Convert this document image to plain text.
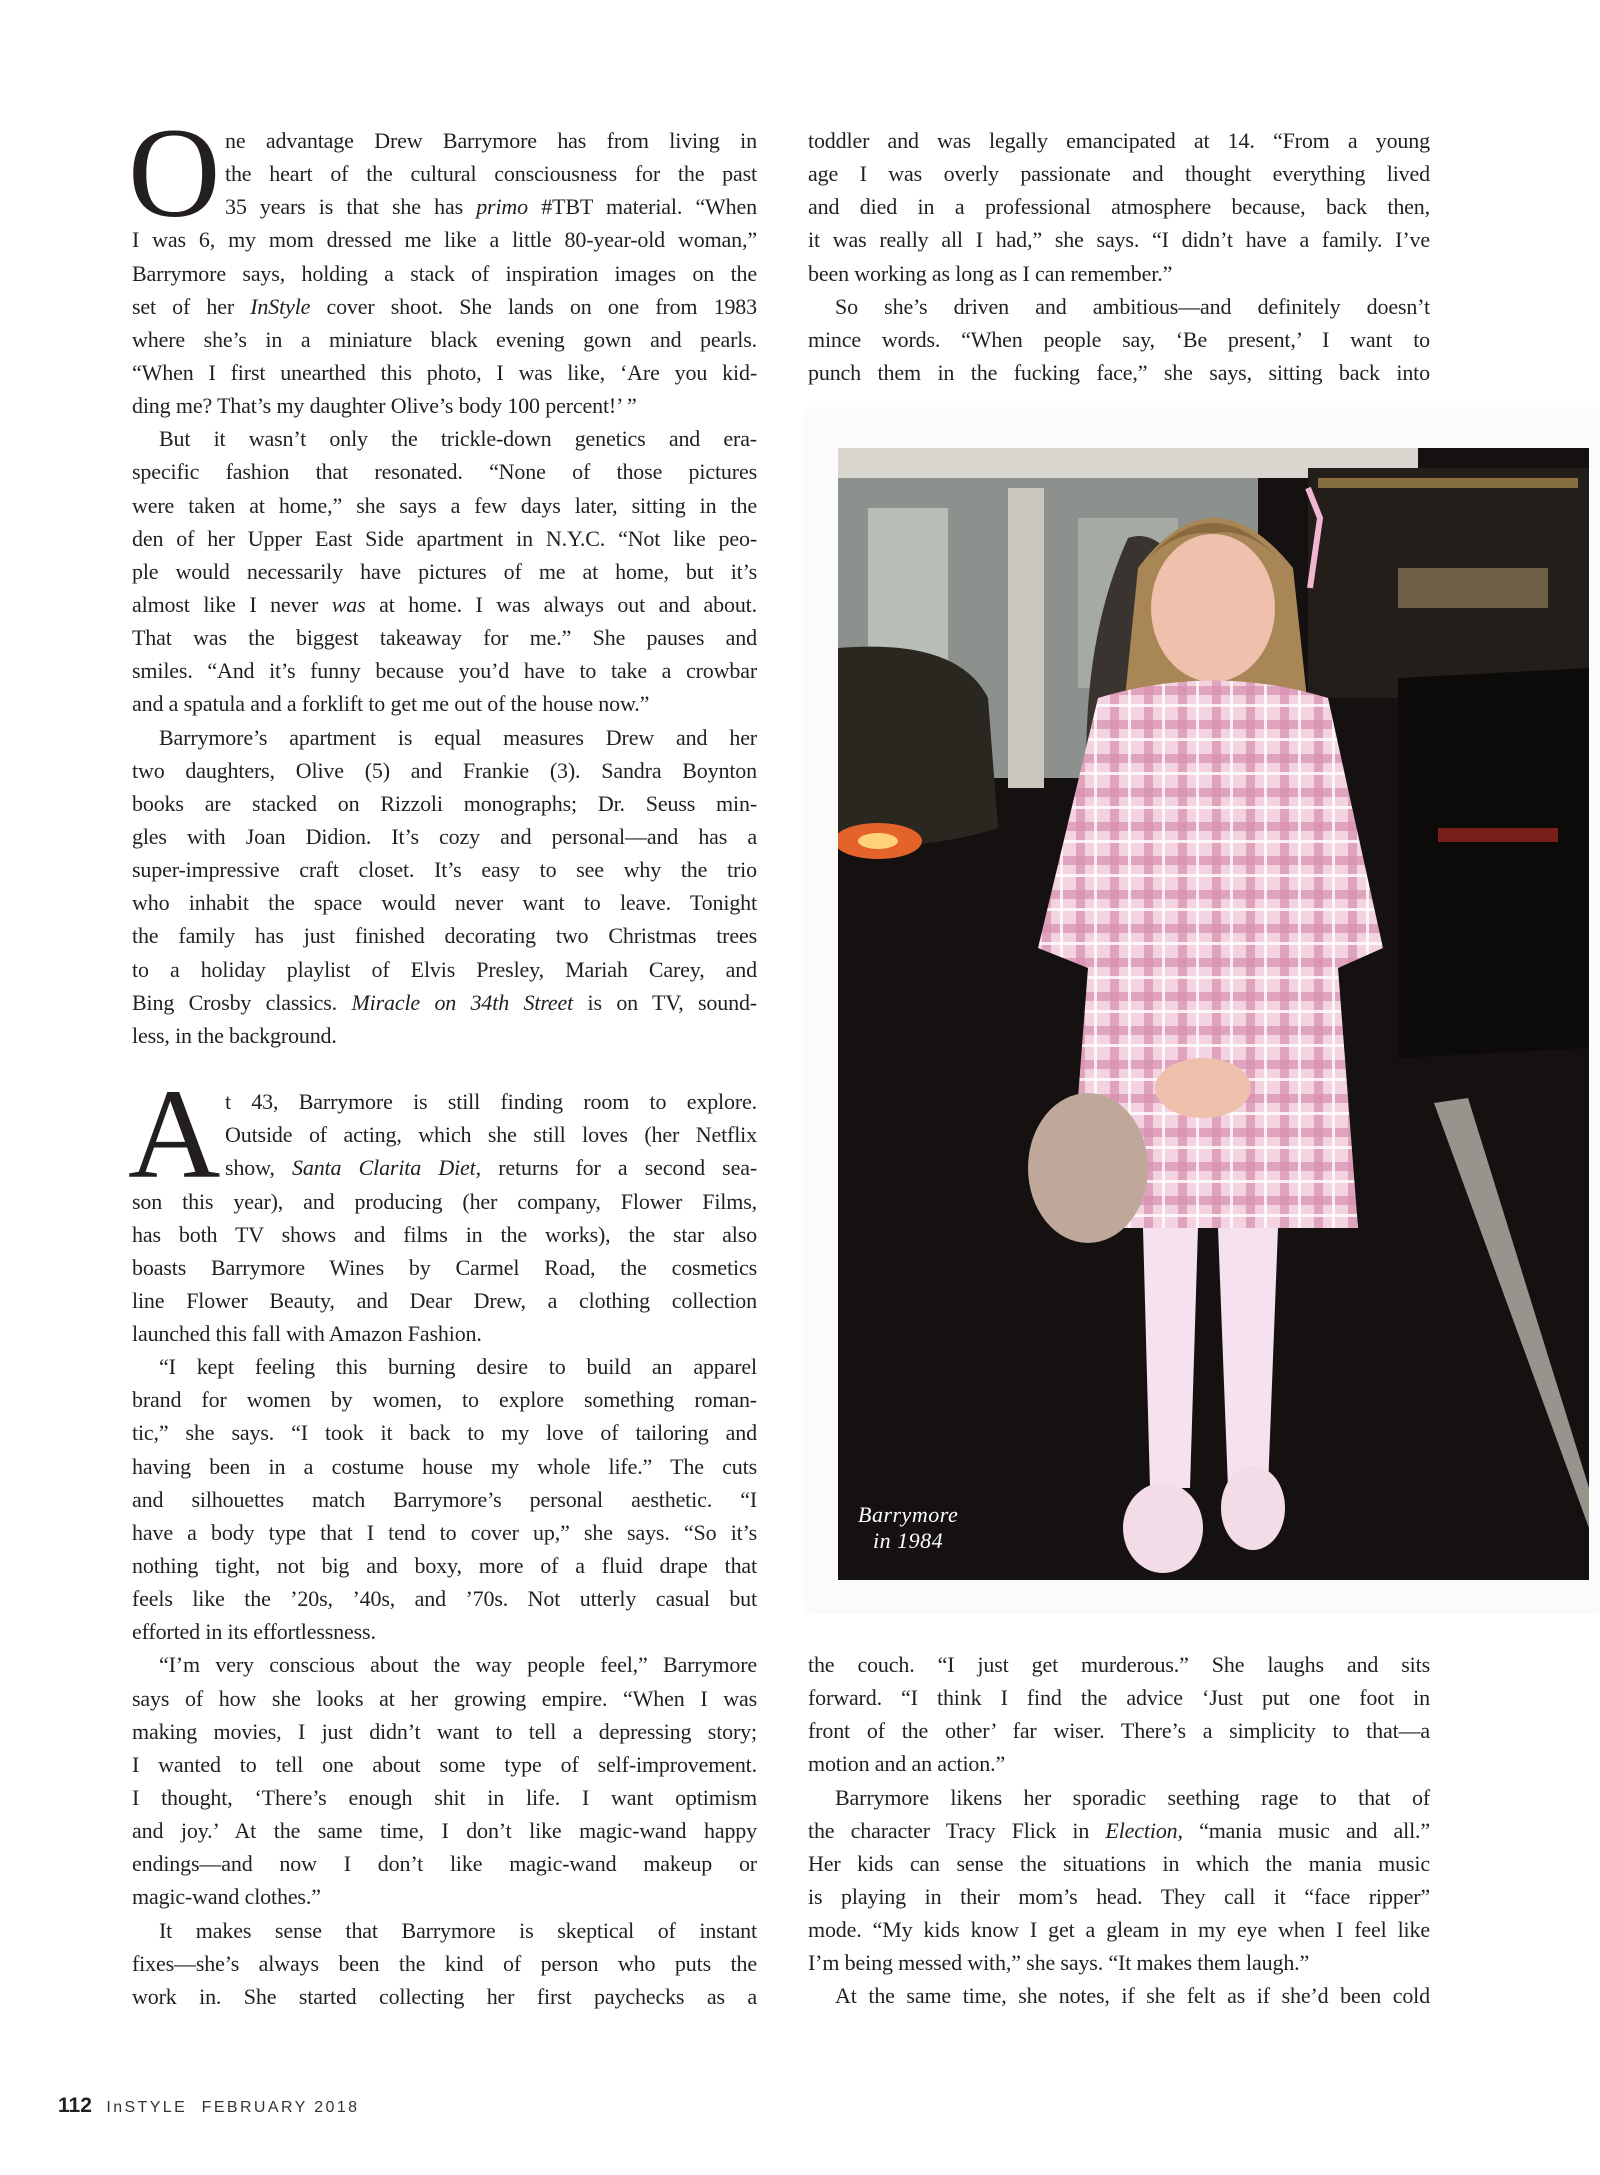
O ne advantage Drew Barrymore has from living in
the heart of the cultural consciousness for the past
35 years is that she has primo #TBT material. “When
I was 6, my mom dressed me like a little 80-year-old woman,”
Barrymore says, holding a stack of inspiration images on the
set of her InStyle cover shoot. She lands on one from 1983
where she’s in a miniature black evening gown and pearls.
“When I first unearthed this photo, I was like, ‘Are you kid-
ding me? That’s my daughter Olive’s body 100 percent!’ ”
But it wasn’t only the trickle-down genetics and era-
specific fashion that resonated. “None of those pictures
were taken at home,” she says a few days later, sitting in the
den of her Upper East Side apartment in N.Y.C. “Not like peo-
ple would necessarily have pictures of me at home, but it’s
almost like I never was at home. I was always out and about.
That was the biggest takeaway for me.” She pauses and
smiles. “And it’s funny because you’d have to take a crowbar
and a spatula and a forklift to get me out of the house now.”
Barrymore’s apartment is equal measures Drew and her
two daughters, Olive (5) and Frankie (3). Sandra Boynton
books are stacked on Rizzoli monographs; Dr. Seuss min-
gles with Joan Didion. It’s cozy and personal—and has a
super-impressive craft closet. It’s easy to see why the trio
who inhabit the space would never want to leave. Tonight
the family has just finished decorating two Christmas trees
to a holiday playlist of Elvis Presley, Mariah Carey, and
Bing Crosby classics. Miracle on 34th Street is on TV, sound-
less, in the background.
A t 43, Barrymore is still finding room to explore.
Outside of acting, which she still loves (her Netflix
show, Santa Clarita Diet, returns for a second sea-
son this year), and producing (her company, Flower Films,
has both TV shows and films in the works), the star also
boasts Barrymore Wines by Carmel Road, the cosmetics
line Flower Beauty, and Dear Drew, a clothing collection
launched this fall with Amazon Fashion.
“I kept feeling this burning desire to build an apparel
brand for women by women, to explore something roman-
tic,” she says. “I took it back to my love of tailoring and
having been in a costume house my whole life.” The cuts
and silhouettes match Barrymore’s personal aesthetic. “I
have a body type that I tend to cover up,” she says. “So it’s
nothing tight, not big and boxy, more of a fluid drape that
feels like the ’20s, ’40s, and ’70s. Not utterly casual but
efforted in its effortlessness.
“I’m very conscious about the way people feel,” Barrymore
says of how she looks at her growing empire. “When I was
making movies, I just didn’t want to tell a depressing story;
I wanted to tell one about some type of self-improvement.
I thought, ‘There’s enough shit in life. I want optimism
and joy.’ At the same time, I don’t like magic-wand happy
endings—and now I don’t like magic-wand makeup or
magic-wand clothes.”
It makes sense that Barrymore is skeptical of instant
fixes—she’s always been the kind of person who puts the
work in. She started collecting her first paychecks as a
toddler and was legally emancipated at 14. “From a young
age I was overly passionate and thought everything lived
and died in a professional atmosphere because, back then,
it was really all I had,” she says. “I didn’t have a family. I’ve
been working as long as I can remember.”
So she’s driven and ambitious—and definitely doesn’t
mince words. “When people say, ‘Be present,’ I want to
punch them in the fucking face,” she says, sitting back into
Barrymore
in 1984
the couch. “I just get murderous.” She laughs and sits
forward. “I think I find the advice ‘Just put one foot in
front of the other’ far wiser. There’s a simplicity to that—a
motion and an action.”
Barrymore likens her sporadic seething rage to that of
the character Tracy Flick in Election, “mania music and all.”
Her kids can sense the situations in which the mania music
is playing in their mom’s head. They call it “face ripper”
mode. “My kids know I get a gleam in my eye when I feel like
I’m being messed with,” she says. “It makes them laugh.”
At the same time, she notes, if she felt as if she’d been cold
112 InSTYLE FEBRUARY 2018
